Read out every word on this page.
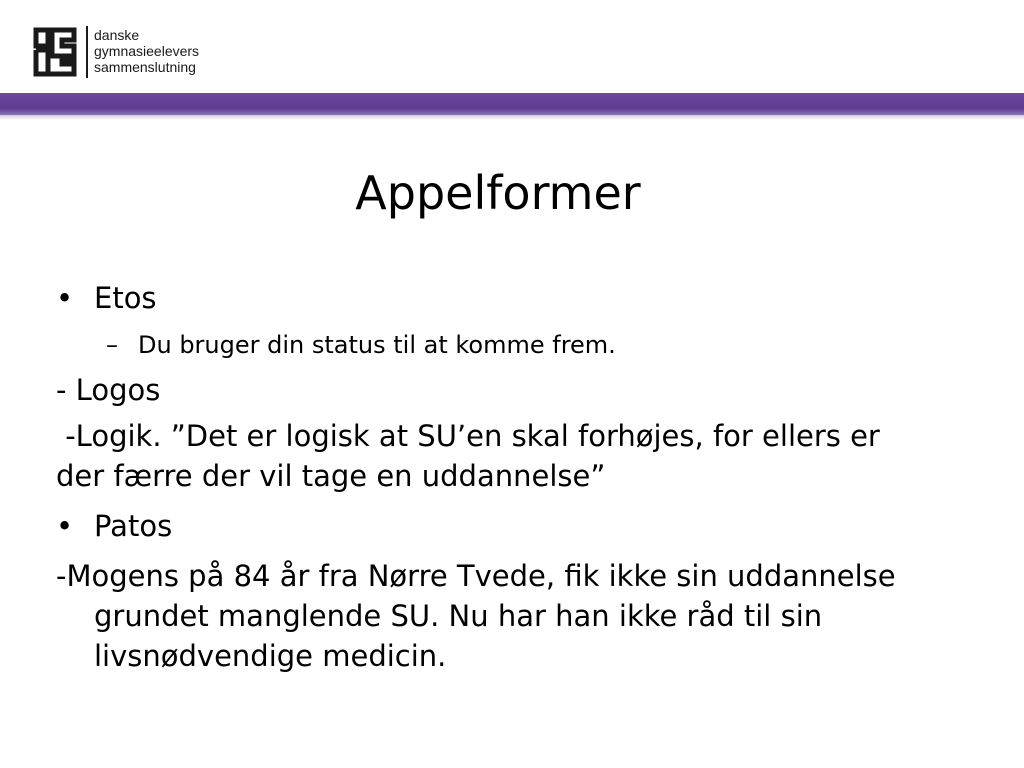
danske
gymnasieelevers
sammenslutning
Appelformer
• Etos
– Du bruger din status til at komme frem.
- Logos
-Logik. ”Det er logisk at SU’en skal forhøjes, for ellers er der færre der vil tage en uddannelse”
• Patos
-Mogens på 84 år fra Nørre Tvede, fik ikke sin uddannelse grundet manglende SU. Nu har han ikke råd til sin livsnødvendige medicin.
